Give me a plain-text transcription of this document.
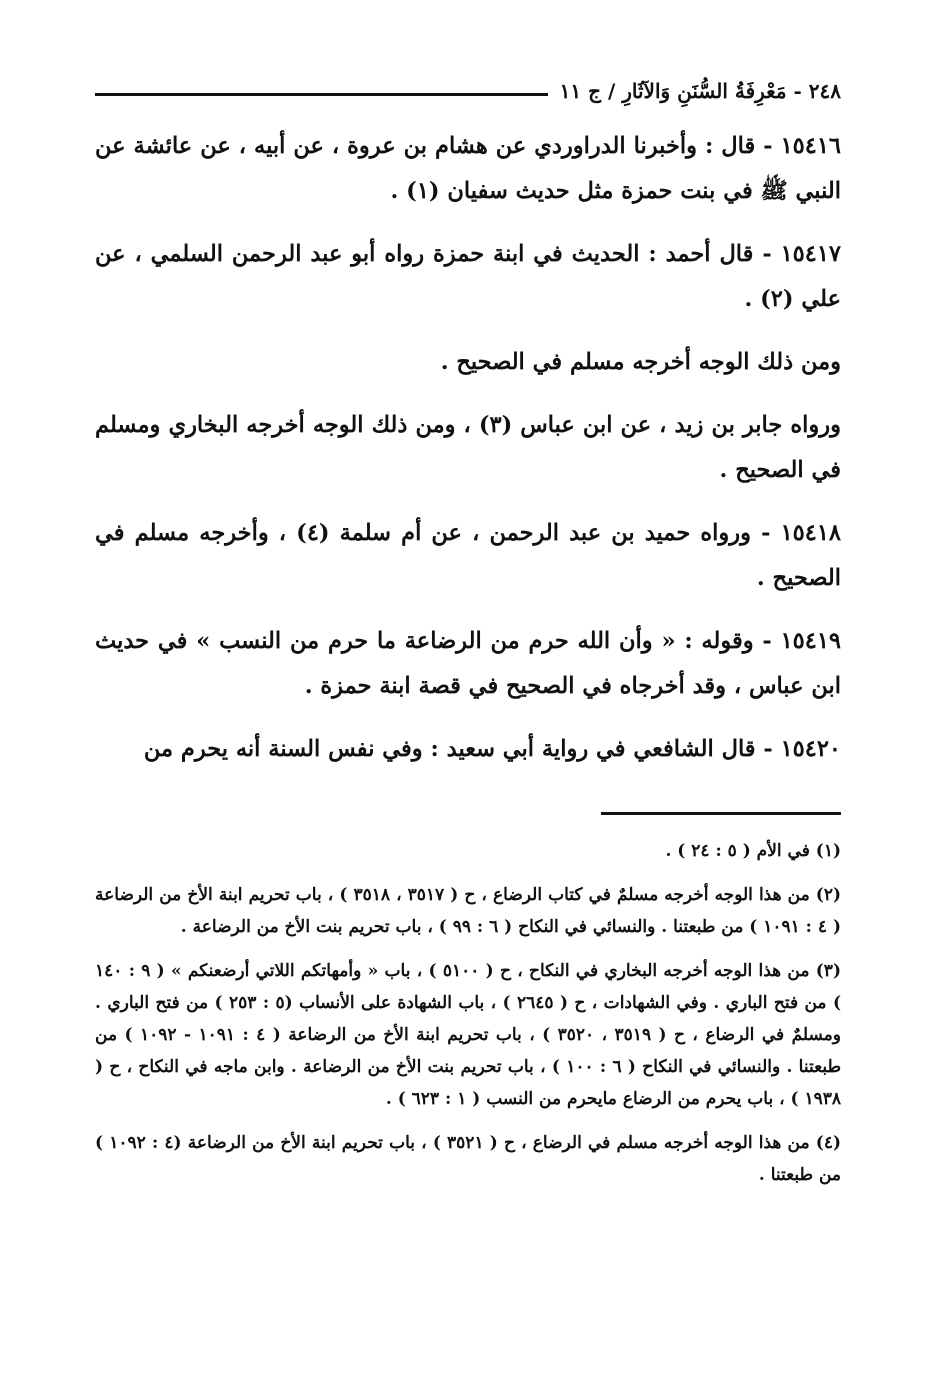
٢٤٨ - مَعْرِفَةُ السُّنَنِ وَالآثَارِ / ج ١١

١٥٤١٦ - قال : وأخبرنا الدراوردي عن هشام بن عروة ، عن أبيه ، عن عائشة عن النبي ﷺ في بنت حمزة مثل حديث سفيان (١) .

١٥٤١٧ - قال أحمد : الحديث في ابنة حمزة رواه أبو عبد الرحمن السلمي ، عن علي (٢) .

ومن ذلك الوجه أخرجه مسلم في الصحيح .

ورواه جابر بن زيد ، عن ابن عباس (٣) ، ومن ذلك الوجه أخرجه البخاري ومسلم في الصحيح .

١٥٤١٨ - ورواه حميد بن عبد الرحمن ، عن أم سلمة (٤) ، وأخرجه مسلم في الصحيح .

١٥٤١٩ - وقوله : « وأن الله حرم من الرضاعة ما حرم من النسب » في حديث ابن عباس ، وقد أخرجاه في الصحيح في قصة ابنة حمزة .

١٥٤٢٠ - قال الشافعي في رواية أبي سعيد : وفي نفس السنة أنه يحرم من

(١) في الأم ( ٥ : ٢٤ ) .

(٢) من هذا الوجه أخرجه مسلمٌ في كتاب الرضاع ، ح ( ٣٥١٧ ، ٣٥١٨ ) ، باب تحريم ابنة الأخ من الرضاعة ( ٤ : ١٠٩١ ) من طبعتنا . والنسائي في النكاح ( ٦ : ٩٩ ) ، باب تحريم بنت الأخ من الرضاعة .

(٣) من هذا الوجه أخرجه البخاري في النكاح ، ح ( ٥١٠٠ ) ، باب « وأمهاتكم اللاتي أرضعنكم » ( ٩ : ١٤٠ ) من فتح الباري . وفي الشهادات ، ح ( ٢٦٤٥ ) ، باب الشهادة على الأنساب (٥ : ٢٥٣ ) من فتح الباري . ومسلمٌ في الرضاع ، ح ( ٣٥١٩ ، ٣٥٢٠ ) ، باب تحريم ابنة الأخ من الرضاعة ( ٤ : ١٠٩١ - ١٠٩٢ ) من طبعتنا . والنسائي في النكاح ( ٦ : ١٠٠ ) ، باب تحريم بنت الأخ من الرضاعة . وابن ماجه في النكاح ، ح ( ١٩٣٨ ) ، باب يحرم من الرضاع مايحرم من النسب ( ١ : ٦٢٣ ) .

(٤) من هذا الوجه أخرجه مسلم في الرضاع ، ح ( ٣٥٢١ ) ، باب تحريم ابنة الأخ من الرضاعة (٤ : ١٠٩٢ ) من طبعتنا .
